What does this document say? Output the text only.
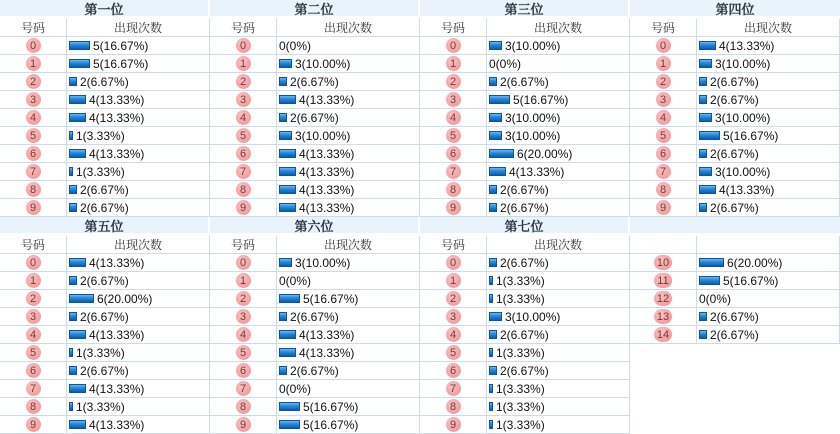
第一位
号码	出现次数
0	5(16.67%)
1	5(16.67%)
2	2(6.67%)
3	4(13.33%)
4	4(13.33%)
5	1(3.33%)
6	4(13.33%)
7	1(3.33%)
8	2(6.67%)
9	2(6.67%)
第二位
号码	出现次数
0	0(0%)
1	3(10.00%)
2	2(6.67%)
3	4(13.33%)
4	2(6.67%)
5	3(10.00%)
6	4(13.33%)
7	4(13.33%)
8	4(13.33%)
9	4(13.33%)
第三位
号码	出现次数
0	3(10.00%)
1	0(0%)
2	2(6.67%)
3	5(16.67%)
4	3(10.00%)
5	3(10.00%)
6	6(20.00%)
7	4(13.33%)
8	2(6.67%)
9	2(6.67%)
第四位
号码	出现次数
0	4(13.33%)
1	3(10.00%)
2	2(6.67%)
3	2(6.67%)
4	3(10.00%)
5	5(16.67%)
6	2(6.67%)
7	3(10.00%)
8	4(13.33%)
9	2(6.67%)
第五位
号码	出现次数
0	4(13.33%)
1	2(6.67%)
2	6(20.00%)
3	2(6.67%)
4	4(13.33%)
5	1(3.33%)
6	2(6.67%)
7	4(13.33%)
8	1(3.33%)
9	4(13.33%)
第六位
号码	出现次数
0	3(10.00%)
1	0(0%)
2	5(16.67%)
3	2(6.67%)
4	4(13.33%)
5	4(13.33%)
6	2(6.67%)
7	0(0%)
8	5(16.67%)
9	5(16.67%)
第七位
号码	出现次数
0	2(6.67%)
1	1(3.33%)
2	1(3.33%)
3	3(10.00%)
4	2(6.67%)
5	1(3.33%)
6	2(6.67%)
7	1(3.33%)
8	1(3.33%)
9	1(3.33%)
10	6(20.00%)
11	5(16.67%)
12 0(0%)
13	2(6.67%)
14	2(6.67%)
